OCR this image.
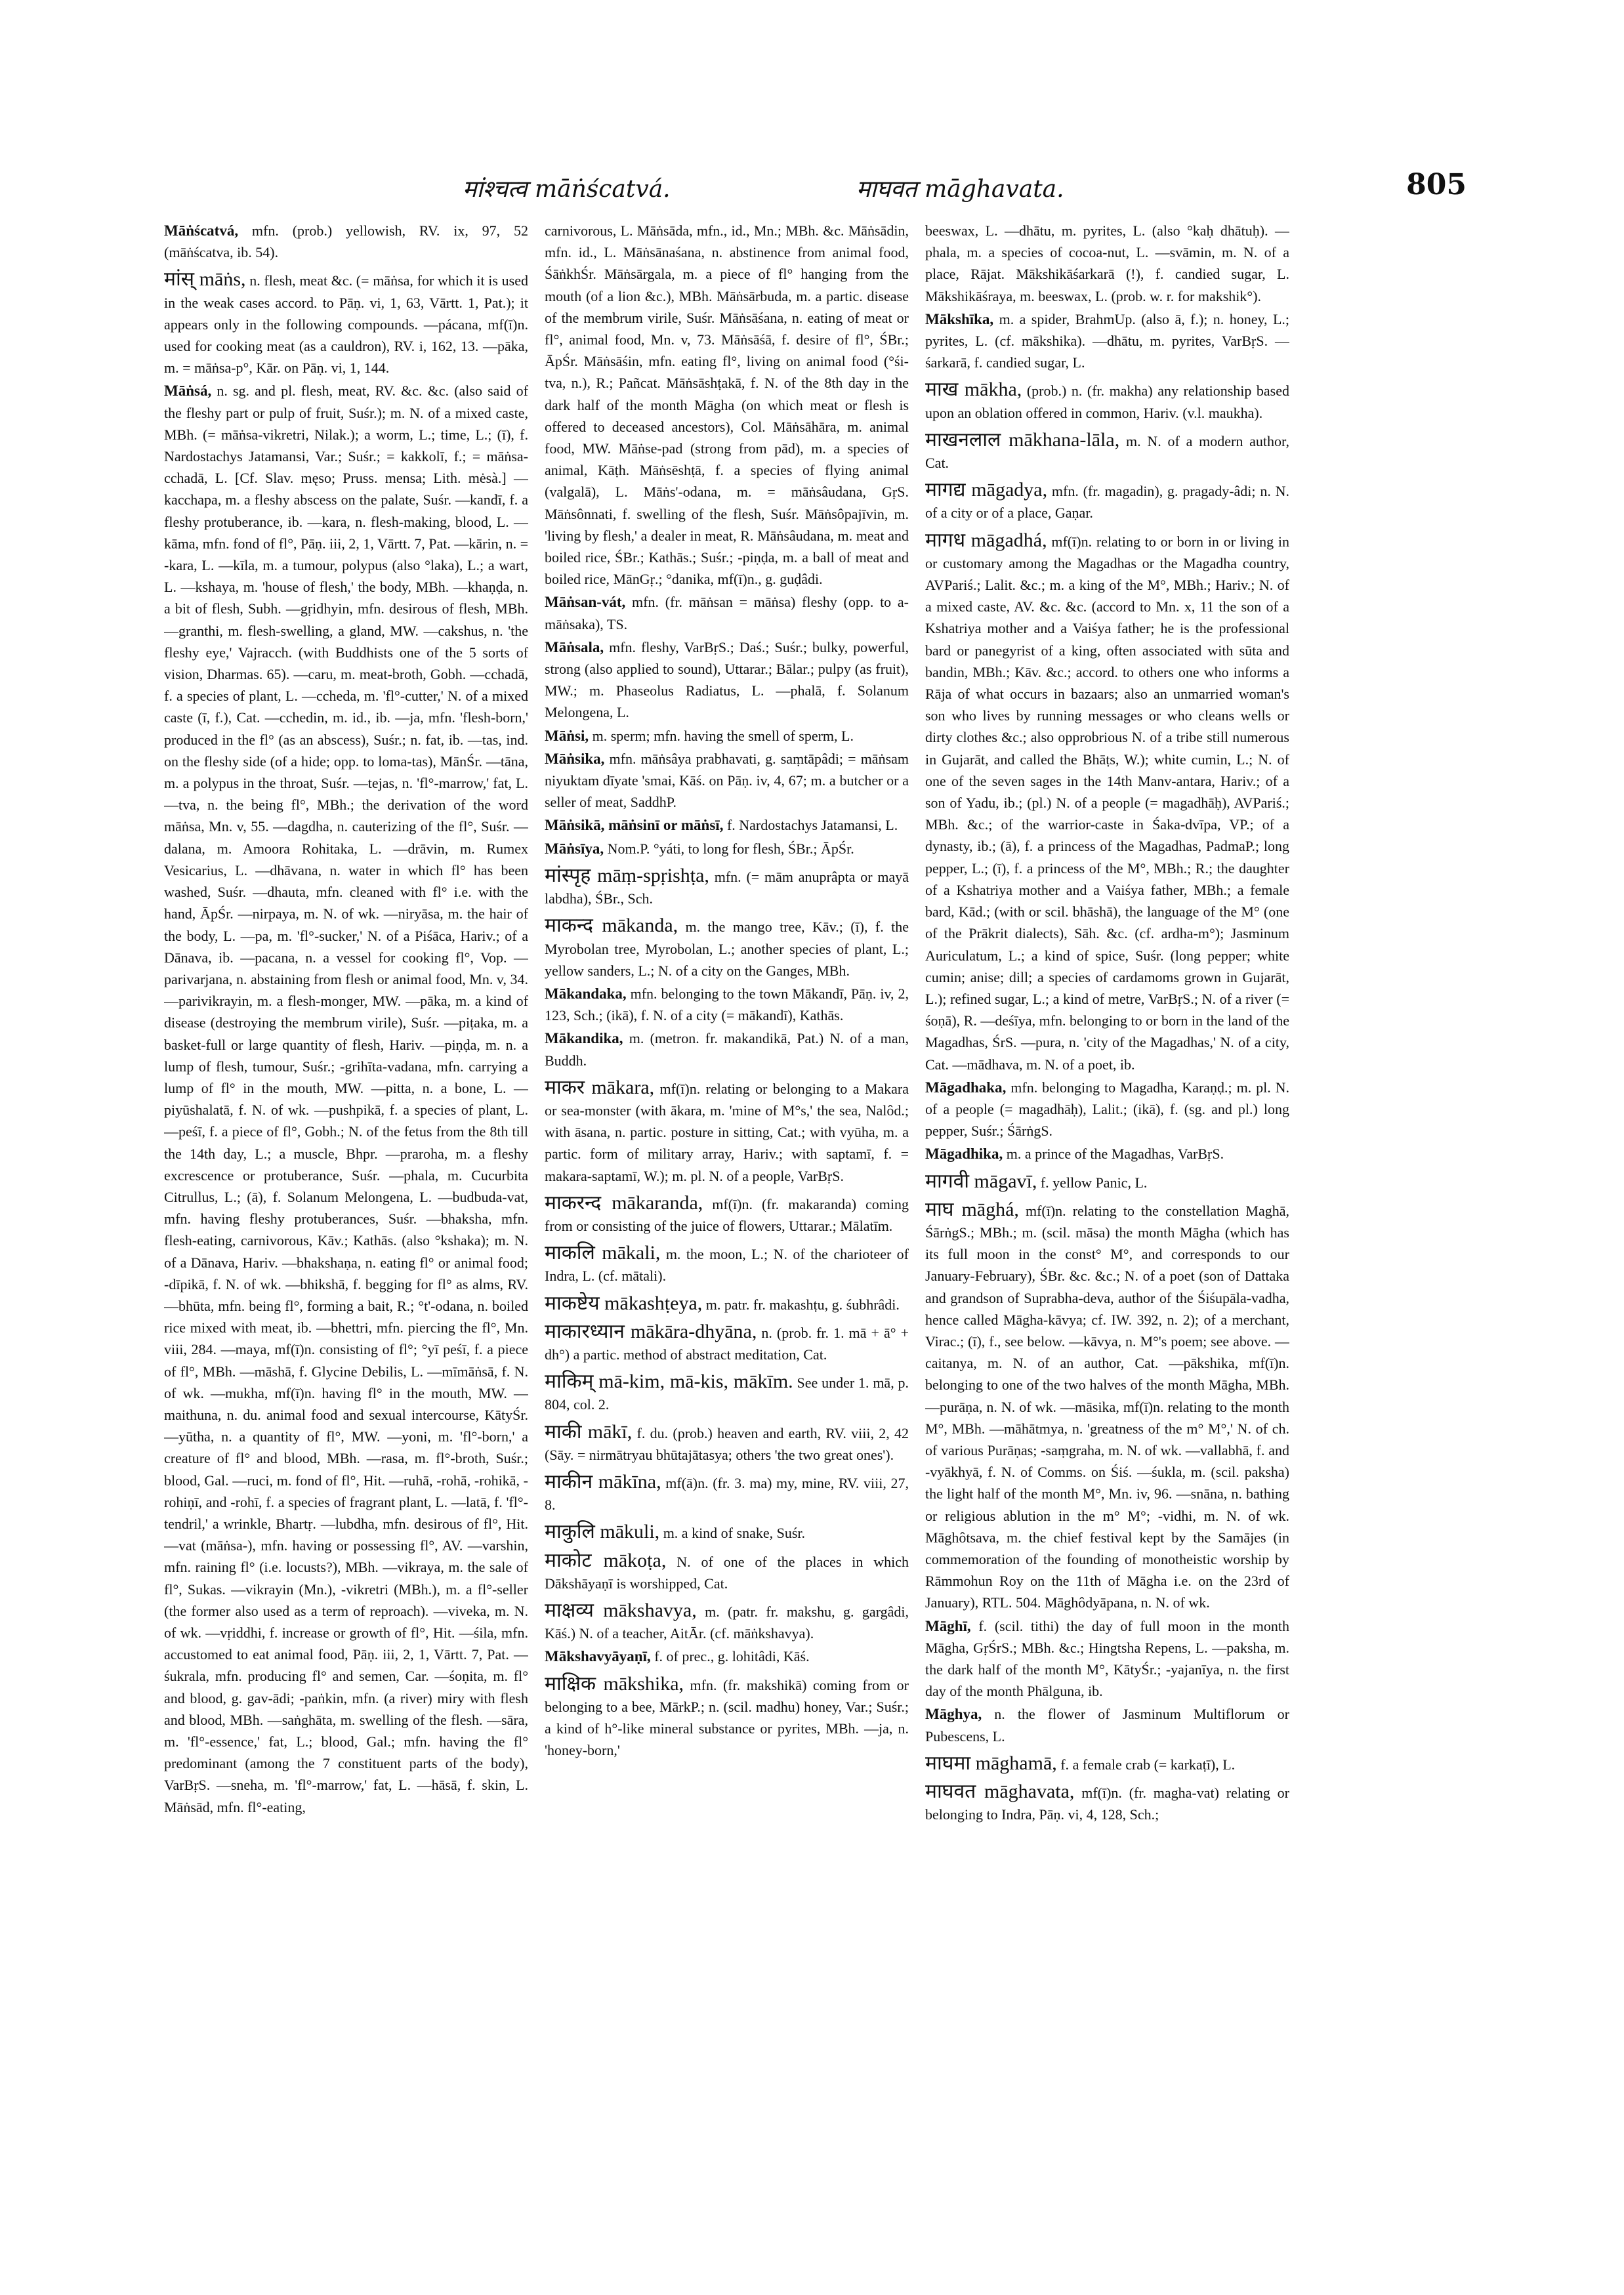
मांश्चत्व māṅścatvá.	माघवत māghavata.	805

Māṅścatvá, mfn. (prob.) yellowish, RV. ix, 97, 52 (māṅścatva, ib. 54).

मांस् māṅs, n. flesh, meat &c. (= māṅsa, for which it is used in the weak cases accord. to Pāṇ. vi, 1, 63, Vārtt. 1, Pat.); it appears only in the following compounds. —pácana, mf(ī)n. used for cooking meat (as a cauldron), RV. i, 162, 13. —pāka, m. = māṅsa-p°, Kār. on Pāṇ. vi, 1, 144.

Māṅsá, n. sg. and pl. flesh, meat, RV. &c. &c. (also said of the fleshy part or pulp of fruit, Suśr.); m. N. of a mixed caste, MBh. (= māṅsa-vikretri, Nilak.); a worm, L.; time, L.; (ī), f. Nardostachys Jatamansi, Var.; Suśr.; = kakkolī, f.; = māṅsa-cchadā, L. [Cf. Slav. męso; Pruss. mensa; Lith. mėsà.] —kacchapa, m. a fleshy abscess on the palate, Suśr. —kandī, f. a fleshy protuberance, ib. —kara, n. flesh-making, blood, L. —kāma, mfn. fond of fl°, Pāṇ. iii, 2, 1, Vārtt. 7, Pat. —kārin, n. = -kara, L. —kīla, m. a tumour, polypus (also °laka), L.; a wart, L. —kshaya, m. 'house of flesh,' the body, MBh. —khaṇḍa, n. a bit of flesh, Subh. —gṛidhyin, mfn. desirous of flesh, MBh. —granthi, m. flesh-swelling, a gland, MW. —cakshus, n. 'the fleshy eye,' Vajracch. (with Buddhists one of the 5 sorts of vision, Dharmas. 65). —caru, m. meat-broth, Gobh. —cchadā, f. a species of plant, L. —ccheda, m. 'fl°-cutter,' N. of a mixed caste (ī, f.), Cat. —cchedin, m. id., ib. —ja, mfn. 'flesh-born,' produced in the fl° (as an abscess), Suśr.; n. fat, ib. —tas, ind. on the fleshy side (of a hide; opp. to loma-tas), MānŚr. —tāna, m. a polypus in the throat, Suśr. —tejas, n. 'fl°-marrow,' fat, L. —tva, n. the being fl°, MBh.; the derivation of the word māṅsa, Mn. v, 55. —dagdha, n. cauterizing of the fl°, Suśr. —dalana, m. Amoora Rohitaka, L. —drāvin, m. Rumex Vesicarius, L. —dhāvana, n. water in which fl° has been washed, Suśr. —dhauta, mfn. cleaned with fl° i.e. with the hand, ĀpŚr. —nirpaya, m. N. of wk. —niryāsa, m. the hair of the body, L. —pa, m. 'fl°-sucker,' N. of a Piśāca, Hariv.; of a Dānava, ib. —pacana, n. a vessel for cooking fl°, Vop. —parivarjana, n. abstaining from flesh or animal food, Mn. v, 34. —parivikrayin, m. a flesh-monger, MW. —pāka, m. a kind of disease (destroying the membrum virile), Suśr. —piṭaka, m. a basket-full or large quantity of flesh, Hariv. —piṇḍa, m. n. a lump of flesh, tumour, Suśr.; -grihīta-vadana, mfn. carrying a lump of fl° in the mouth, MW. —pitta, n. a bone, L. —piyūshalatā, f. N. of wk. —pushpikā, f. a species of plant, L. —peśī, f. a piece of fl°, Gobh.; N. of the fetus from the 8th till the 14th day, L.; a muscle, Bhpr. —praroha, m. a fleshy excrescence or protuberance, Suśr. —phala, m. Cucurbita Citrullus, L.; (ā), f. Solanum Melongena, L. —budbuda-vat, mfn. having fleshy protuberances, Suśr. —bhaksha, mfn. flesh-eating, carnivorous, Kāv.; Kathās. (also °kshaka); m. N. of a Dānava, Hariv. —bhakshaṇa, n. eating fl° or animal food; -dīpikā, f. N. of wk. —bhikshā, f. begging for fl° as alms, RV. —bhūta, mfn. being fl°, forming a bait, R.; °t'-odana, n. boiled rice mixed with meat, ib. —bhettri, mfn. piercing the fl°, Mn. viii, 284. —maya, mf(ī)n. consisting of fl°; °yī peśī, f. a piece of fl°, MBh. —māshā, f. Glycine Debilis, L. —mīmāṅsā, f. N. of wk. —mukha, mf(ī)n. having fl° in the mouth, MW. —maithuna, n. du. animal food and sexual intercourse, KātyŚr. —yūtha, n. a quantity of fl°, MW. —yoni, m. 'fl°-born,' a creature of fl° and blood, MBh. —rasa, m. fl°-broth, Suśr.; blood, Gal. —ruci, m. fond of fl°, Hit. —ruhā, -rohā, -rohikā, -rohiṇī, and -rohī, f. a species of fragrant plant, L. —latā, f. 'fl°-tendril,' a wrinkle, Bhartṛ. —lubdha, mfn. desirous of fl°, Hit. —vat (māṅsa-), mfn. having or possessing fl°, AV. —varshin, mfn. raining fl° (i.e. locusts?), MBh. —vikraya, m. the sale of fl°, Sukas. —vikrayin (Mn.), -vikretri (MBh.), m. a fl°-seller (the former also used as a term of reproach). —viveka, m. N. of wk. —vṛiddhi, f. increase or growth of fl°, Hit. —śila, mfn. accustomed to eat animal food, Pāṇ. iii, 2, 1, Vārtt. 7, Pat. —śukrala, mfn. producing fl° and semen, Car. —śoṇita, m. fl° and blood, g. gav-ādi; -paṅkin, mfn. (a river) miry with flesh and blood, MBh. —saṅghāta, m. swelling of the flesh. —sāra, m. 'fl°-essence,' fat, L.; blood, Gal.; mfn. having the fl° predominant (among the 7 constituent parts of the body), VarBṛS. —sneha, m. 'fl°-marrow,' fat, L. —hāsā, f. skin, L. Māṅsād, mfn. fl°-eating,

carnivorous, L. Māṅsāda, mfn., id., Mn.; MBh. &c. Māṅsādin, mfn. id., L. Māṅsānaśana, n. abstinence from animal food, ŚāṅkhŚr. Māṅsārgala, m. a piece of fl° hanging from the mouth (of a lion &c.), MBh. Māṅsārbuda, m. a partic. disease of the membrum virile, Suśr. Māṅsāśana, n. eating of meat or fl°, animal food, Mn. v, 73. Māṅsāśā, f. desire of fl°, ŚBr.; ĀpŚr. Māṅsāśin, mfn. eating fl°, living on animal food (°śi-tva, n.), R.; Pañcat. Māṅsāshṭakā, f. N. of the 8th day in the dark half of the month Māgha (on which meat or flesh is offered to deceased ancestors), Col. Māṅsāhāra, m. animal food, MW. Māṅse-pad (strong from pād), m. a species of animal, Kāṭh. Māṅsēshṭā, f. a species of flying animal (valgalā), L. Māṅs'-odana, m. = māṅsâudana, GṛS. Māṅsônnati, f. swelling of the flesh, Suśr. Māṅsôpajīvin, m. 'living by flesh,' a dealer in meat, R. Māṅsâudana, m. meat and boiled rice, ŚBr.; Kathās.; Suśr.; -piṇḍa, m. a ball of meat and boiled rice, MānGṛ.; °danika, mf(ī)n., g. guḍâdi.

Māṅsan-vát, mfn. (fr. māṅsan = māṅsa) fleshy (opp. to a-māṅsaka), TS.

Māṅsala, mfn. fleshy, VarBṛS.; Daś.; Suśr.; bulky, powerful, strong (also applied to sound), Uttarar.; Bālar.; pulpy (as fruit), MW.; m. Phaseolus Radiatus, L. —phalā, f. Solanum Melongena, L.

Māṅsi, m. sperm; mfn. having the smell of sperm, L.

Māṅsika, mfn. māṅsâya prabhavati, g. saṃtāpâdi; = māṅsam niyuktam dīyate 'smai, Kāś. on Pāṇ. iv, 4, 67; m. a butcher or a seller of meat, SaddhP.

Māṅsikā, māṅsinī or māṅsī, f. Nardostachys Jatamansi, L.

Māṅsīya, Nom.P. °yáti, to long for flesh, ŚBr.; ĀpŚr.

मांस्पृह māṃ-spṛishṭa, mfn. (= mām anuprâpta or mayā labdha), ŚBr., Sch.

माकन्द mākanda, m. the mango tree, Kāv.; (ī), f. the Myrobolan tree, Myrobolan, L.; another species of plant, L.; yellow sanders, L.; N. of a city on the Ganges, MBh.

Mākandaka, mfn. belonging to the town Mākandī, Pāṇ. iv, 2, 123, Sch.; (ikā), f. N. of a city (= mākandī), Kathās.

Mākandika, m. (metron. fr. makandikā, Pat.) N. of a man, Buddh.

माकर mākara, mf(ī)n. relating or belonging to a Makara or sea-monster (with ākara, m. 'mine of M°s,' the sea, Nalôd.; with āsana, n. partic. posture in sitting, Cat.; with vyūha, m. a partic. form of military array, Hariv.; with saptamī, f. = makara-saptamī, W.); m. pl. N. of a people, VarBṛS.

माकरन्द mākaranda, mf(ī)n. (fr. makaranda) coming from or consisting of the juice of flowers, Uttarar.; Mālatīm.

माकलि mākali, m. the moon, L.; N. of the charioteer of Indra, L. (cf. mātali).

माकष्टेय mākashṭeya, m. patr. fr. makashṭu, g. śubhrâdi.

माकारध्यान mākāra-dhyāna, n. (prob. fr. 1. mā + ā° + dh°) a partic. method of abstract meditation, Cat.

माकिम् mā-kim, mā-kis, mākīm. See under 1. mā, p. 804, col. 2.

माकी mākī, f. du. (prob.) heaven and earth, RV. viii, 2, 42 (Sāy. = nirmātryau bhūtajātasya; others 'the two great ones').

माकीन mākīna, mf(ā)n. (fr. 3. ma) my, mine, RV. viii, 27, 8.

माकुलि mākuli, m. a kind of snake, Suśr.

माकोट mākoṭa, N. of one of the places in which Dākshāyaṇī is worshipped, Cat.

माक्षव्य mākshavya, m. (patr. fr. makshu, g. gargâdi, Kāś.) N. of a teacher, AitĀr. (cf. māṅkshavya).

Mākshavyāyaṇī, f. of prec., g. lohitâdi, Kāś.

माक्षिक mākshika, mfn. (fr. makshikā) coming from or belonging to a bee, MārkP.; n. (scil. madhu) honey, Var.; Suśr.; a kind of h°-like mineral substance or pyrites, MBh. —ja, n. 'honey-born,'

beeswax, L. —dhātu, m. pyrites, L. (also °kaḥ dhātuḥ). —phala, m. a species of cocoa-nut, L. —svāmin, m. N. of a place, Rājat. Mākshikāśarkarā (!), f. candied sugar, L. Mākshikāśraya, m. beeswax, L. (prob. w. r. for makshik°).

Mākshīka, m. a spider, BrahmUp. (also ā, f.); n. honey, L.; pyrites, L. (cf. mākshika). —dhātu, m. pyrites, VarBṛS. —śarkarā, f. candied sugar, L.

माख mākha, (prob.) n. (fr. makha) any relationship based upon an oblation offered in common, Hariv. (v.l. maukha).

माखनलाल mākhana-lāla, m. N. of a modern author, Cat.

मागद्य māgadya, mfn. (fr. magadin), g. pragady-âdi; n. N. of a city or of a place, Gaṇar.

मागध māgadhá, mf(ī)n. relating to or born in or living in or customary among the Magadhas or the Magadha country, AVPariś.; Lalit. &c.; m. a king of the M°, MBh.; Hariv.; N. of a mixed caste, AV. &c. &c. (accord to Mn. x, 11 the son of a Kshatriya mother and a Vaiśya father; he is the professional bard or panegyrist of a king, often associated with sūta and bandin, MBh.; Kāv. &c.; accord. to others one who informs a Rāja of what occurs in bazaars; also an unmarried woman's son who lives by running messages or who cleans wells or dirty clothes &c.; also opprobrious N. of a tribe still numerous in Gujarāt, and called the Bhāṭs, W.); white cumin, L.; N. of one of the seven sages in the 14th Manv-antara, Hariv.; of a son of Yadu, ib.; (pl.) N. of a people (= magadhāḥ), AVPariś.; MBh. &c.; of the warrior-caste in Śaka-dvīpa, VP.; of a dynasty, ib.; (ā), f. a princess of the Magadhas, PadmaP.; long pepper, L.; (ī), f. a princess of the M°, MBh.; R.; the daughter of a Kshatriya mother and a Vaiśya father, MBh.; a female bard, Kād.; (with or scil. bhāshā), the language of the M° (one of the Prākrit dialects), Sāh. &c. (cf. ardha-m°); Jasminum Auriculatum, L.; a kind of spice, Suśr. (long pepper; white cumin; anise; dill; a species of cardamoms grown in Gujarāt, L.); refined sugar, L.; a kind of metre, VarBṛS.; N. of a river (= śoṇā), R. —deśīya, mfn. belonging to or born in the land of the Magadhas, ŚrS. —pura, n. 'city of the Magadhas,' N. of a city, Cat. —mādhava, m. N. of a poet, ib.

Māgadhaka, mfn. belonging to Magadha, Karaṇḍ.; m. pl. N. of a people (= magadhāḥ), Lalit.; (ikā), f. (sg. and pl.) long pepper, Suśr.; ŚārṅgS.

Māgadhika, m. a prince of the Magadhas, VarBṛS.

मागवी māgavī, f. yellow Panic, L.

माघ māghá, mf(ī)n. relating to the constellation Maghā, ŚārṅgS.; MBh.; m. (scil. māsa) the month Māgha (which has its full moon in the const° M°, and corresponds to our January-February), ŚBr. &c. &c.; N. of a poet (son of Dattaka and grandson of Suprabha-deva, author of the Śiśupāla-vadha, hence called Māgha-kāvya; cf. IW. 392, n. 2); of a merchant, Virac.; (ī), f., see below. —kāvya, n. M°'s poem; see above. —caitanya, m. N. of an author, Cat. —pākshika, mf(ī)n. belonging to one of the two halves of the month Māgha, MBh. —purāṇa, n. N. of wk. —māsika, mf(ī)n. relating to the month M°, MBh. —māhātmya, n. 'greatness of the m° M°,' N. of ch. of various Purāṇas; -saṃgraha, m. N. of wk. —vallabhā, f. and -vyākhyā, f. N. of Comms. on Śiś. —śukla, m. (scil. paksha) the light half of the month M°, Mn. iv, 96. —snāna, n. bathing or religious ablution in the m° M°; -vidhi, m. N. of wk. Māghôtsava, m. the chief festival kept by the Samājes (in commemoration of the founding of monotheistic worship by Rāmmohun Roy on the 11th of Māgha i.e. on the 23rd of January), RTL. 504. Māghôdyāpana, n. N. of wk.

Māghī, f. (scil. tithi) the day of full moon in the month Māgha, GṛŚrS.; MBh. &c.; Hingtsha Repens, L. —paksha, m. the dark half of the month M°, KātyŚr.; -yajanīya, n. the first day of the month Phālguna, ib.

Māghya, n. the flower of Jasminum Multiflorum or Pubescens, L.

माघमा māghamā, f. a female crab (= karkaṭī), L.

माघवत māghavata, mf(ī)n. (fr. magha-vat) relating or belonging to Indra, Pāṇ. vi, 4, 128, Sch.;
